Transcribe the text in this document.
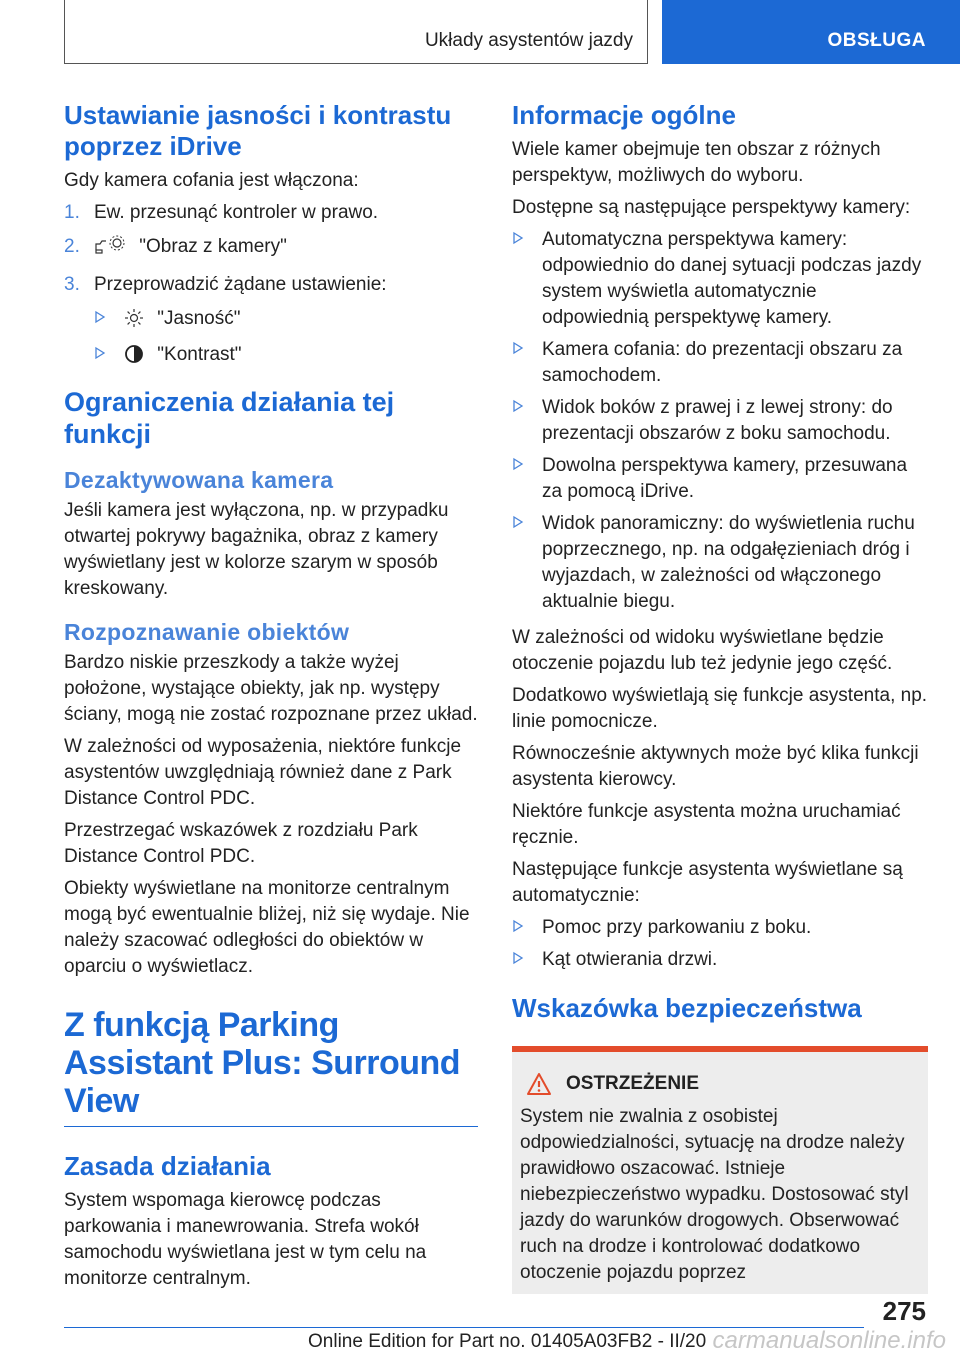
Układy asystentów jazdy	OBSŁUGA
Ustawianie jasności i kontrastu poprzez iDrive

Gdy kamera cofania jest włączona:

1. Ew. przesunąć kontroler w prawo.
2.	"Obraz z kamery"
3. Przeprowadzić żądane ustawienie:
"Jasność"
"Kontrast"
Ograniczenia działania tej funkcji
Dezaktywowana kamera

Jeśli kamera jest wyłączona, np. w przypadku otwartej pokrywy bagażnika, obraz z kamery wyświetlany jest w kolorze szarym w sposób kreskowany.

Rozpoznawanie obiektów

Bardzo niskie przeszkody a także wyżej położone, wystające obiekty, jak np. występy ściany, mogą nie zostać rozpoznane przez układ.

W zależności od wyposażenia, niektóre funkcje asystentów uwzględniają również dane z Park Distance Control PDC.

Przestrzegać wskazówek z rozdziału Park Distance Control PDC.

Obiekty wyświetlane na monitorze centralnym mogą być ewentualnie bliżej, niż się wydaje. Nie należy szacować odległości do obiektów w oparciu o wyświetlacz.

Z funkcją Parking Assistant Plus: Surround View
Zasada działania

System wspomaga kierowcę podczas parkowania i manewrowania. Strefa wokół samochodu wyświetlana jest w tym celu na monitorze centralnym.

Informacje ogólne

Wiele kamer obejmuje ten obszar z różnych perspektyw, możliwych do wyboru.

Dostępne są następujące perspektywy kamery:

Automatyczna perspektywa kamery: odpowiednio do danej sytuacji podczas jazdy system wyświetla automatycznie odpowiednią perspektywę kamery.
Kamera cofania: do prezentacji obszaru za samochodem.
Widok boków z prawej i z lewej strony: do prezentacji obszarów z boku samochodu.
Dowolna perspektywa kamery, przesuwana za pomocą iDrive.
Widok panoramiczny: do wyświetlenia ruchu poprzecznego, np. na odgałęzieniach dróg i wyjazdach, w zależności od włączonego aktualnie biegu.

W zależności od widoku wyświetlane będzie otoczenie pojazdu lub też jedynie jego część.

Dodatkowo wyświetlają się funkcje asystenta, np. linie pomocnicze.

Równocześnie aktywnych może być klika funkcji asystenta kierowcy.

Niektóre funkcje asystenta można uruchamiać ręcznie.

Następujące funkcje asystenta wyświetlane są automatycznie:

Pomoc przy parkowaniu z boku.
Kąt otwierania drzwi.
Wskazówka bezpieczeństwa
OSTRZEŻENIE

System nie zwalnia z osobistej odpowiedzialności, sytuację na drodze należy prawidłowo oszacować. Istnieje niebezpieczeństwo wypadku. Dostosować styl jazdy do warunków drogowych. Obserwować ruch na drodze i kontrolować dodatkowo otoczenie pojazdu poprzez

275
Online Edition for Part no. 01405A03FB2 - II/20 carmanualsonline.info
